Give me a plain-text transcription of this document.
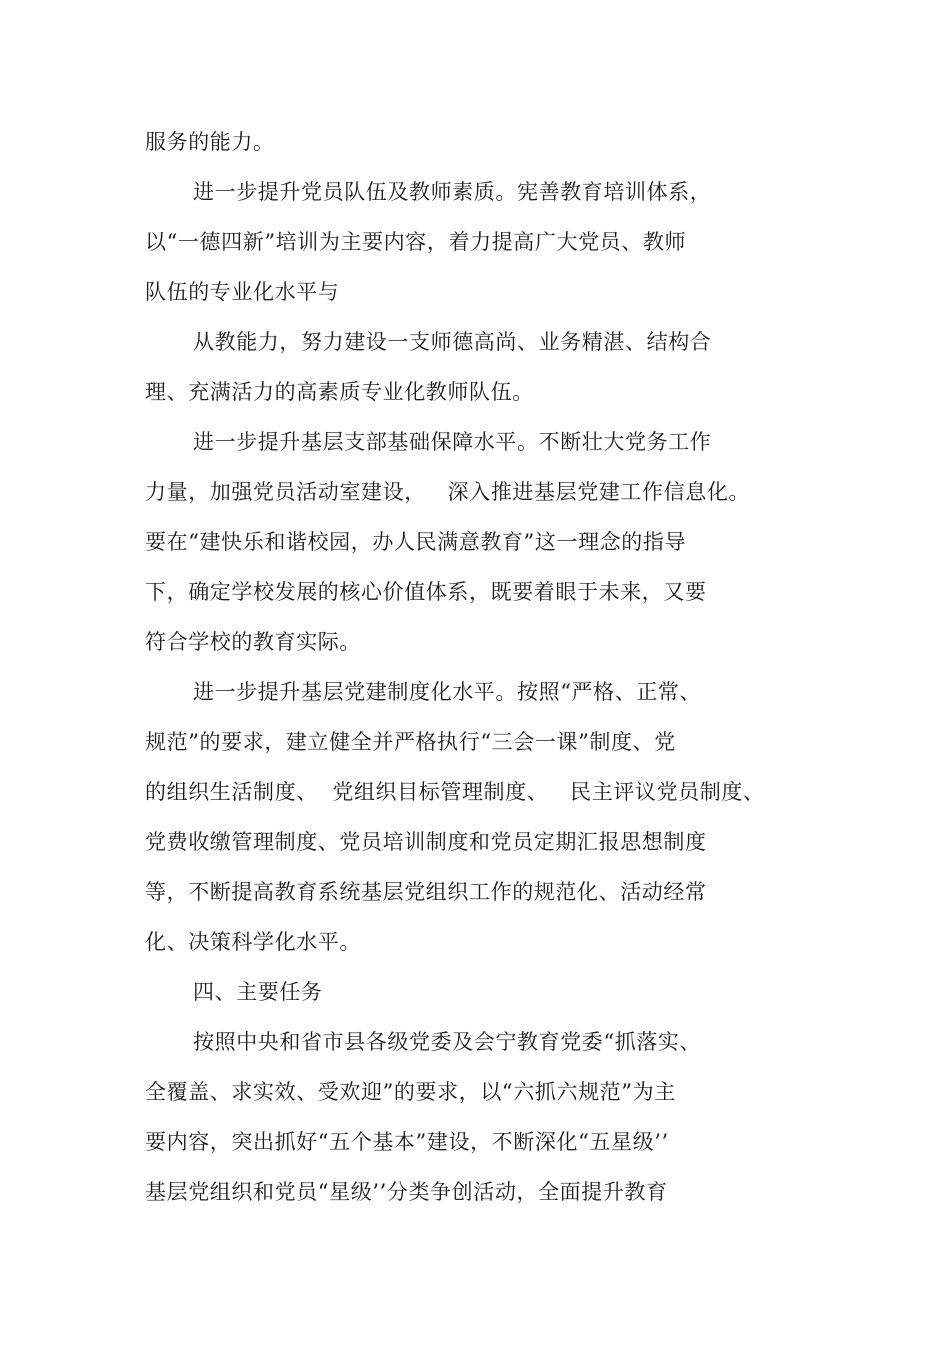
服务的能力。
进一步提升党员队伍及教师素质。宪善教育培训体系，
以“一德四新”培训为主要内容，着力提高广大党员、教师
队伍的专业化水平与
从教能力，努力建设一支师德高尚、业务精湛、结构合
理、充满活力的高素质专业化教师队伍。
进一步提升基层支部基础保障水平。不断壮大党务工作
力量，加强党员活动室建设，   深入推进基层党建工作信息化。
要在“建快乐和谐校园，办人民满意教育”这一理念的指导
下，确定学校发展的核心价值体系，既要着眼于未来，又要
符合学校的教育实际。
进一步提升基层党建制度化水平。按照“严格、正常、
规范”的要求，建立健全并严格执行“三会一课”制度、党
的组织生活制度、  党组织目标管理制度、   民主评议党员制度、
党费收缴管理制度、党员培训制度和党员定期汇报思想制度
等，不断提高教育系统基层党组织工作的规范化、活动经常
化、决策科学化水平。
四、主要任务
按照中央和省市县各级党委及会宁教育党委“抓落实、
全覆盖、求实效、受欢迎”的要求，以“六抓六规范”为主
要内容，突出抓好“五个基本”建设，不断深化“五星级’’
基层党组织和党员“星级’’分类争创活动，全面提升教育
